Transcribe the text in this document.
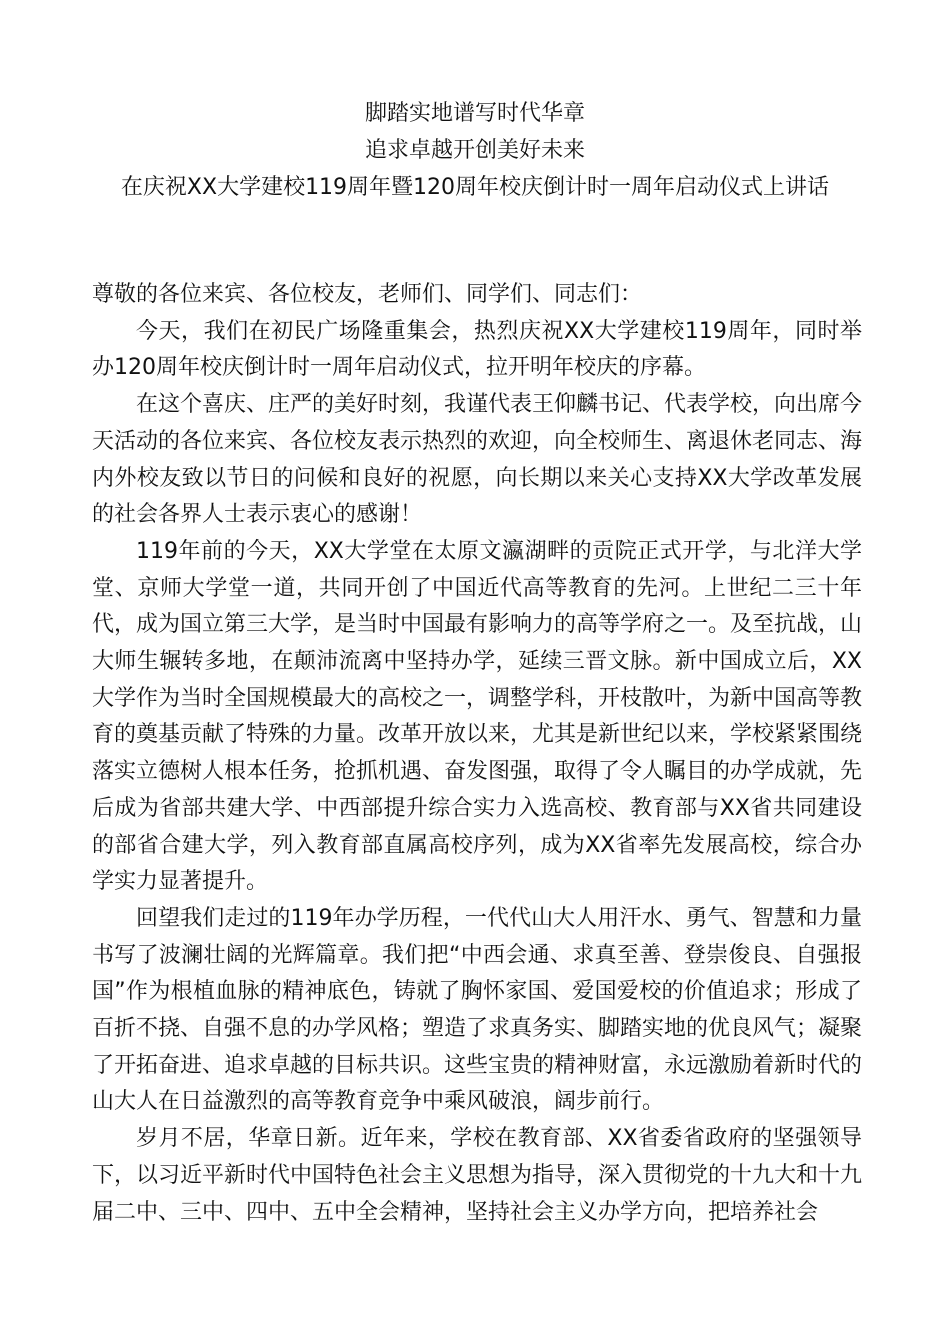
脚踏实地谱写时代华章
追求卓越开创美好未来
在庆祝XX大学建校119周年暨120周年校庆倒计时一周年启动仪式上讲话

尊敬的各位来宾、各位校友，老师们、同学们、同志们：

今天，我们在初民广场隆重集会，热烈庆祝XX大学建校119周年，同时举办120周年校庆倒计时一周年启动仪式，拉开明年校庆的序幕。

在这个喜庆、庄严的美好时刻，我谨代表王仰麟书记、代表学校，向出席今天活动的各位来宾、各位校友表示热烈的欢迎，向全校师生、离退休老同志、海内外校友致以节日的问候和良好的祝愿，向长期以来关心支持XX大学改革发展的社会各界人士表示衷心的感谢！

119年前的今天，XX大学堂在太原文瀛湖畔的贡院正式开学，与北洋大学堂、京师大学堂一道，共同开创了中国近代高等教育的先河。上世纪二三十年代，成为国立第三大学，是当时中国最有影响力的高等学府之一。及至抗战，山大师生辗转多地，在颠沛流离中坚持办学，延续三晋文脉。新中国成立后，XX大学作为当时全国规模最大的高校之一，调整学科，开枝散叶，为新中国高等教育的奠基贡献了特殊的力量。改革开放以来，尤其是新世纪以来，学校紧紧围绕落实立德树人根本任务，抢抓机遇、奋发图强，取得了令人瞩目的办学成就，先后成为省部共建大学、中西部提升综合实力入选高校、教育部与XX省共同建设的部省合建大学，列入教育部直属高校序列，成为XX省率先发展高校，综合办学实力显著提升。

回望我们走过的119年办学历程，一代代山大人用汗水、勇气、智慧和力量书写了波澜壮阔的光辉篇章。我们把“中西会通、求真至善、登崇俊良、自强报国”作为根植血脉的精神底色，铸就了胸怀家国、爱国爱校的价值追求；形成了百折不挠、自强不息的办学风格；塑造了求真务实、脚踏实地的优良风气；凝聚了开拓奋进、追求卓越的目标共识。这些宝贵的精神财富，永远激励着新时代的山大人在日益激烈的高等教育竞争中乘风破浪，阔步前行。

岁月不居，华章日新。近年来，学校在教育部、XX省委省政府的坚强领导下，以习近平新时代中国特色社会主义思想为指导，深入贯彻党的十九大和十九届二中、三中、四中、五中全会精神，坚持社会主义办学方向，把培养社会
